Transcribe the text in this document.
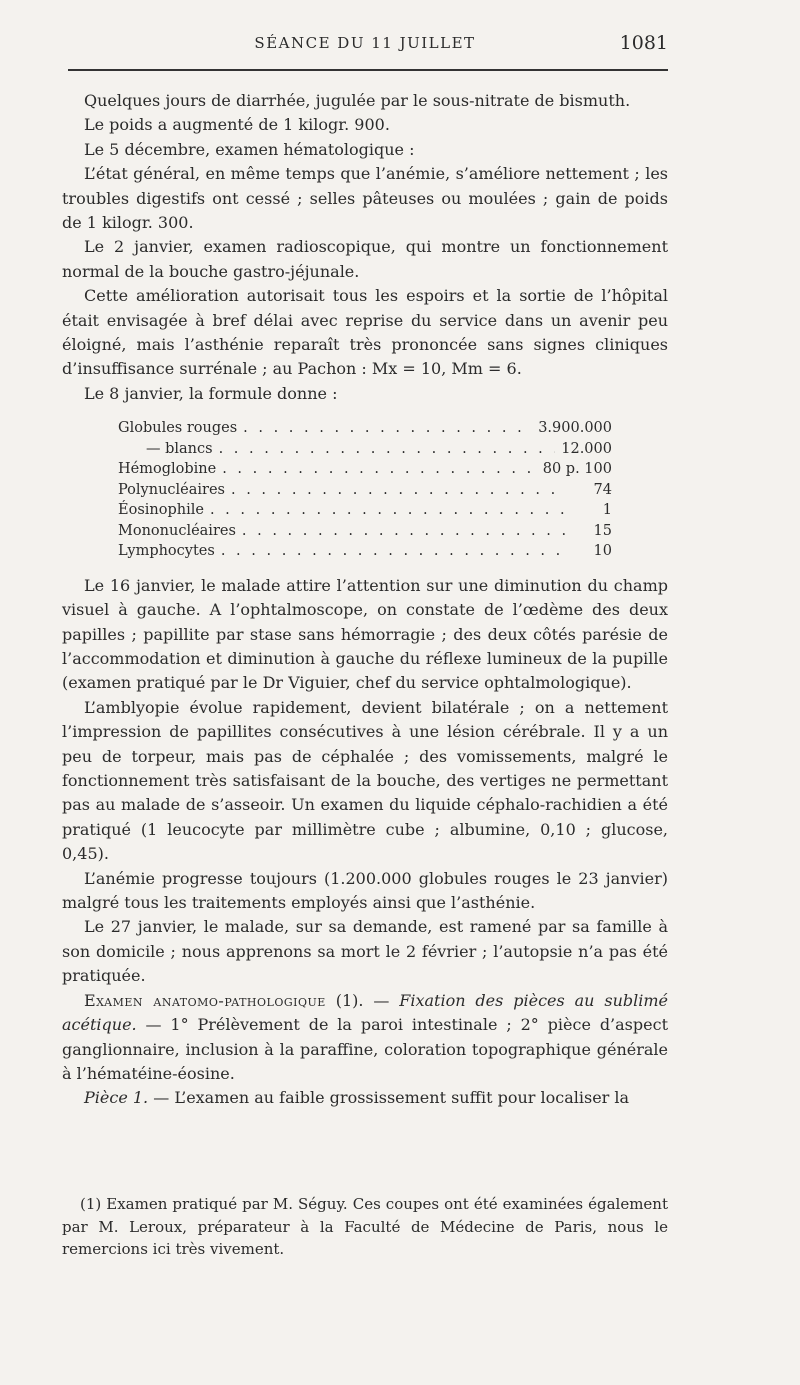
SÉANCE DU 11 JUILLET	1081

Quelques jours de diarrhée, jugulée par le sous-nitrate de bismuth.

Le poids a augmenté de 1 kilogr. 900.

Le 5 décembre, examen hématologique :

L’état général, en même temps que l’anémie, s’améliore nettement ; les troubles digestifs ont cessé ; selles pâteuses ou moulées ; gain de poids de 1 kilogr. 300.

Le 2 janvier, examen radioscopique, qui montre un fonctionnement normal de la bouche gastro-jéjunale.

Cette amélioration autorisait tous les espoirs et la sortie de l’hôpital était envisagée à bref délai avec reprise du service dans un avenir peu éloigné, mais l’asthénie reparaît très prononcée sans signes cliniques d’insuffisance surrénale ; au Pachon : Mx = 10, Mm = 6.

Le 8 janvier, la formule donne :

Globules rouges . . .	3.900.000
— blancs . . .	12.000
Hémoglobine . . .	80 p. 100
Polynucléaires . . .	74
Éosinophile . . .	1
Mononucléaires . . .	15
Lymphocytes . . .	10

Le 16 janvier, le malade attire l’attention sur une diminution du champ visuel à gauche. A l’ophtalmoscope, on constate de l’œdème des deux papilles ; papillite par stase sans hémorragie ; des deux côtés parésie de l’accommodation et diminution à gauche du réflexe lumineux de la pupille (examen pratiqué par le Dr Viguier, chef du service ophtalmologique).

L’amblyopie évolue rapidement, devient bilatérale ; on a nettement l’impression de papillites consécutives à une lésion cérébrale. Il y a un peu de torpeur, mais pas de céphalée ; des vomissements, malgré le fonctionnement très satisfaisant de la bouche, des vertiges ne permettant pas au malade de s’asseoir. Un examen du liquide céphalo-rachidien a été pratiqué (1 leucocyte par millimètre cube ; albumine, 0,10 ; glucose, 0,45).

L’anémie progresse toujours (1.200.000 globules rouges le 23 janvier) malgré tous les traitements employés ainsi que l’asthénie.

Le 27 janvier, le malade, sur sa demande, est ramené par sa famille à son domicile ; nous apprenons sa mort le 2 février ; l’autopsie n’a pas été pratiquée.

Examen anatomo-pathologique (1). — Fixation des pièces au sublimé acétique. — 1° Prélèvement de la paroi intestinale ; 2° pièce d’aspect ganglionnaire, inclusion à la paraffine, coloration topographique générale à l’hématéine-éosine.

Pièce 1. — L’examen au faible grossissement suffit pour localiser la

(1) Examen pratiqué par M. Séguy. Ces coupes ont été examinées également par M. Leroux, préparateur à la Faculté de Médecine de Paris, nous le remercions ici très vivement.
